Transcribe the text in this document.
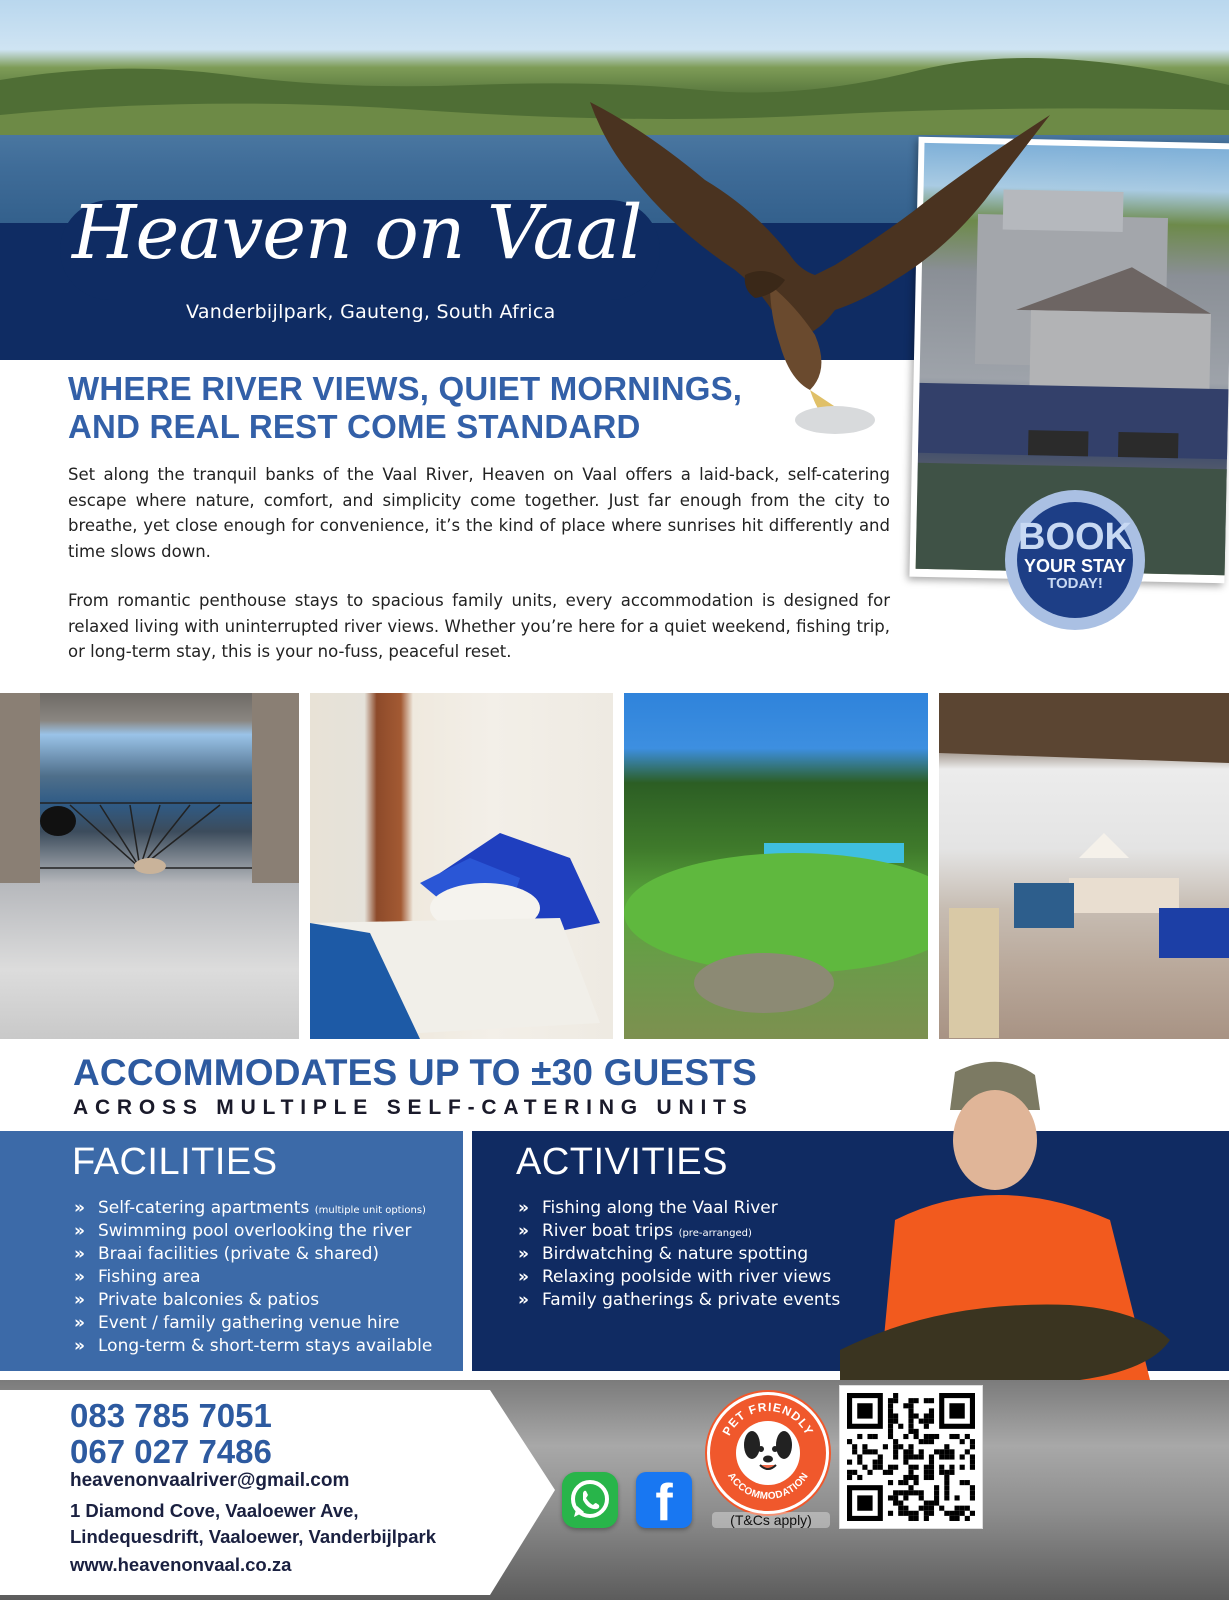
Heaven on Vaal
Vanderbijlpark, Gauteng, South Africa
BOOK
YOUR STAY
TODAY!
WHERE RIVER VIEWS, QUIET MORNINGS,
AND REAL REST COME STANDARD
Set along the tranquil banks of the Vaal River, Heaven on Vaal offers a laid-back, self-catering escape where nature, comfort, and simplicity come together. Just far enough from the city to breathe, yet close enough for convenience, it’s the kind of place where sunrises hit differently and time slows down.
From romantic penthouse stays to spacious family units, every accommodation is designed for relaxed living with uninterrupted river views. Whether you’re here for a quiet weekend, fishing trip, or long-term stay, this is your no-fuss, peaceful reset.
ACCOMMODATES UP TO ±30 GUESTS
ACROSS MULTIPLE SELF-CATERING UNITS
FACILITIES
» Self-catering apartments (multiple unit options)
» Swimming pool overlooking the river
» Braai facilities (private & shared)
» Fishing area
» Private balconies & patios
» Event / family gathering venue hire
» Long-term & short-term stays available
ACTIVITIES
» Fishing along the Vaal River
» River boat trips (pre-arranged)
» Birdwatching & nature spotting
» Relaxing poolside with river views
» Family gatherings & private events
083 785 7051
067 027 7486
heavenonvaalriver@gmail.com
1 Diamond Cove, Vaaloewer Ave,
Lindequesdrift, Vaaloewer, Vanderbijlpark
www.heavenonvaal.co.za
f
PET FRIENDLY
ACCOMMODATION
(T&Cs apply)
